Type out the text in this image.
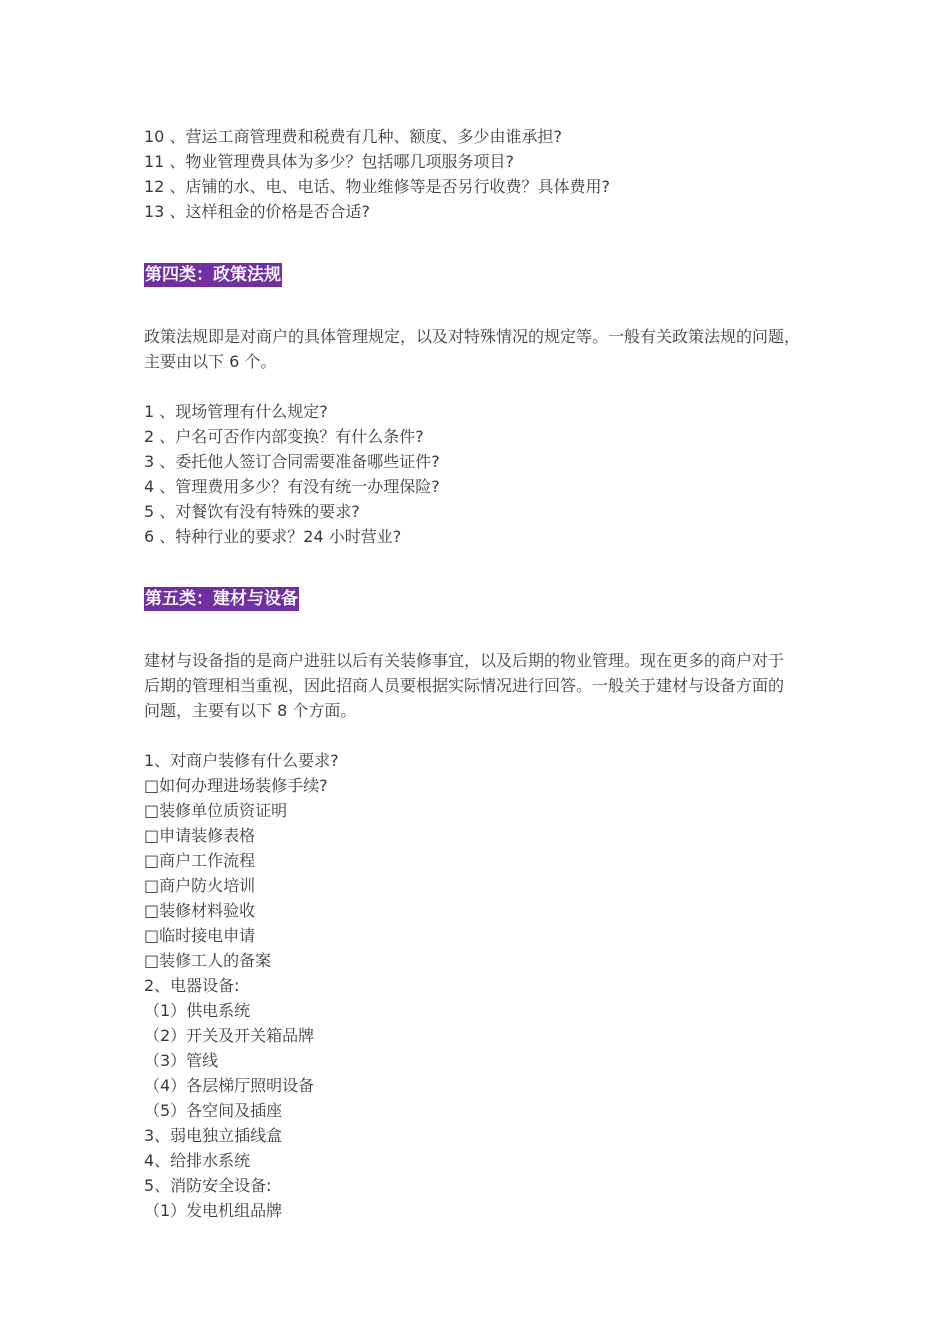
10 、营运工商管理费和税费有几种、额度、多少由谁承担?
11 、物业管理费具体为多少？包括哪几项服务项目?
12 、店铺的水、电、电话、物业维修等是否另行收费？具体费用?
13 、这样租金的价格是否合适?
第四类：政策法规
政策法规即是对商户的具体管理规定，以及对特殊情况的规定等。一般有关政策法规的问题，
主要由以下 6 个。
1 、现场管理有什么规定?
2 、户名可否作内部变换？有什么条件?
3 、委托他人签订合同需要准备哪些证件?
4 、管理费用多少？有没有统一办理保险?
5 、对餐饮有没有特殊的要求?
6 、特种行业的要求？24 小时营业?
第五类：建材与设备
建材与设备指的是商户进驻以后有关装修事宜，以及后期的物业管理。现在更多的商户对于
后期的管理相当重视，因此招商人员要根据实际情况进行回答。一般关于建材与设备方面的
问题，主要有以下 8 个方面。
1、对商户装修有什么要求?
□如何办理进场装修手续?
□装修单位质资证明
□申请装修表格
□商户工作流程
□商户防火培训
□装修材料验收
□临时接电申请
□装修工人的备案
2、电器设备:
（1）供电系统
（2）开关及开关箱品牌
（3）管线
（4）各层梯厅照明设备
（5）各空间及插座
3、弱电独立插线盒
4、给排水系统
5、消防安全设备:
（1）发电机组品牌
